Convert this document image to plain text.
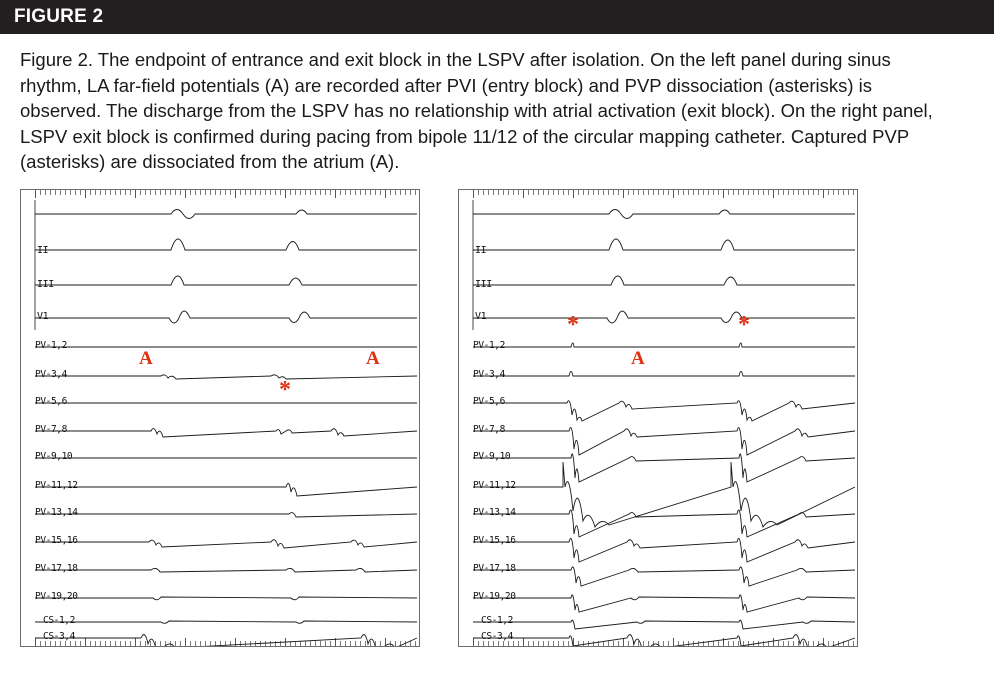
FIGURE 2
Figure 2. The endpoint of entrance and exit block in the LSPV after isolation. On the left panel during sinus rhythm, LA far-field potentials (A) are recorded after PVI (entry block) and PVP dissociation (asterisks) is observed. The discharge from the LSPV has no relationship with atrial activation (exit block). On the right panel, LSPV exit block is confirmed during pacing from bipole 11/12 of the circular mapping catheter. Captured PVP (asterisks) are dissociated from the atrium (A).
A	A
*
II
III
V1
PV-1,2
PV-3,4
PV-5,6
PV-7,8
PV-9,10
PV-11,12
PV-13,14
PV-15,16
PV-17,18
PV-19,20
CS-1,2
CS-3,4
*	*
A
II
III
V1
PV-1,2
PV-3,4
PV-5,6
PV-7,8
PV-9,10
PV-11,12
PV-13,14
PV-15,16
PV-17,18
PV-19,20
CS-1,2
CS-3,4
